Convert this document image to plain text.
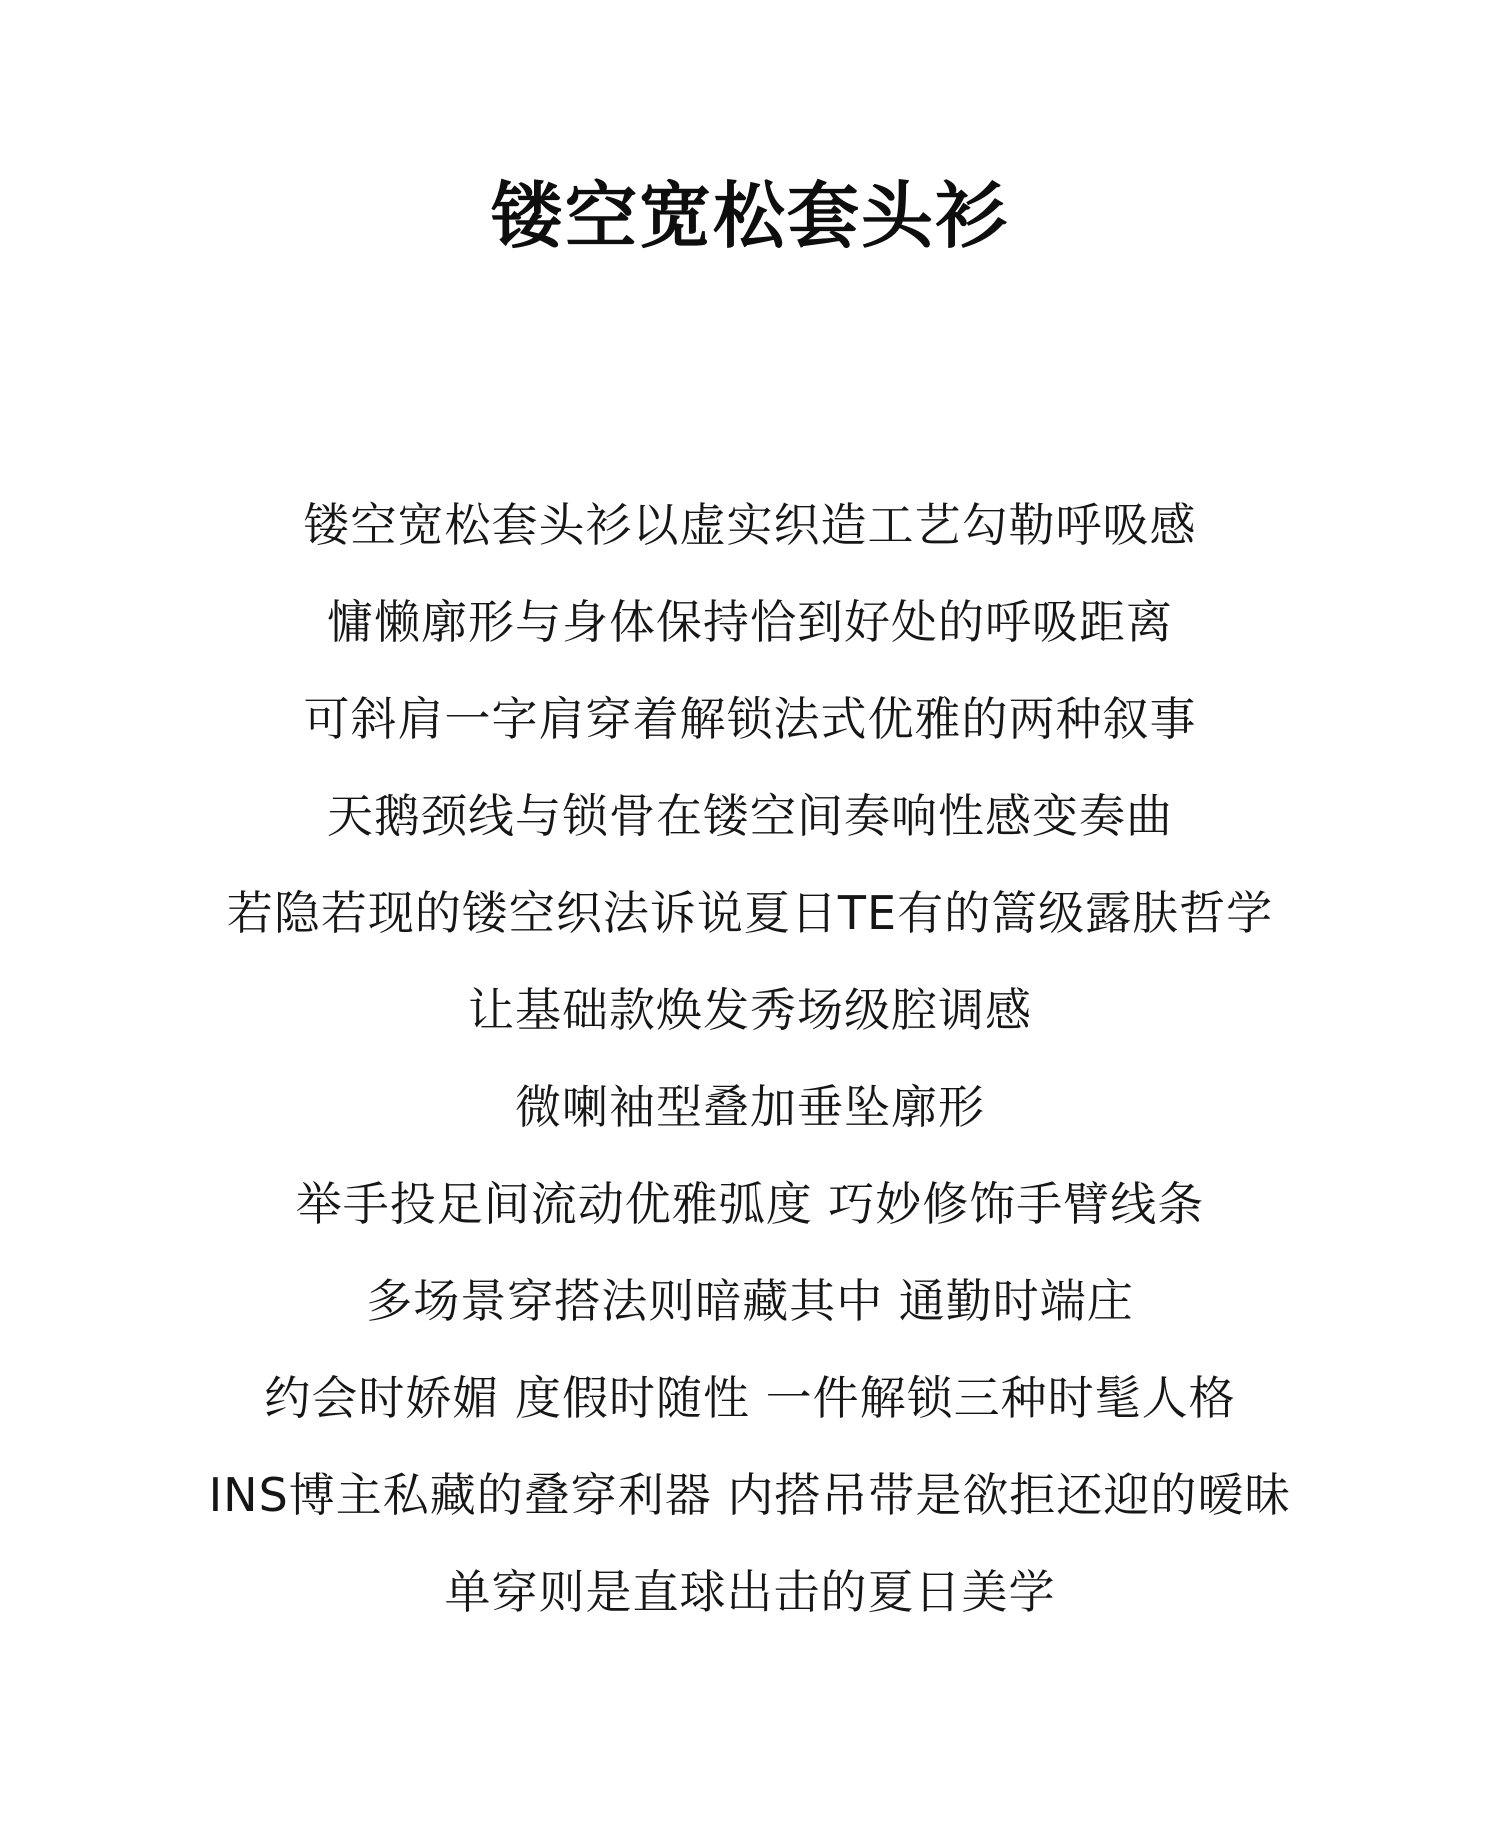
镂空宽松套头衫
镂空宽松套头衫以虚实织造工艺勾勒呼吸感
慵懒廓形与身体保持恰到好处的呼吸距离
可斜肩一字肩穿着解锁法式优雅的两种叙事
天鹅颈线与锁骨在镂空间奏响性感变奏曲
若隐若现的镂空织法诉说夏日TE有的篙级露肤哲学
让基础款焕发秀场级腔调感
微喇袖型叠加垂坠廓形
举手投足间流动优雅弧度 巧妙修饰手臂线条
多场景穿搭法则暗藏其中 通勤时端庄
约会时娇媚 度假时随性 一件解锁三种时髦人格
INS博主私藏的叠穿利器 内搭吊带是欲拒还迎的暧昧
单穿则是直球出击的夏日美学
